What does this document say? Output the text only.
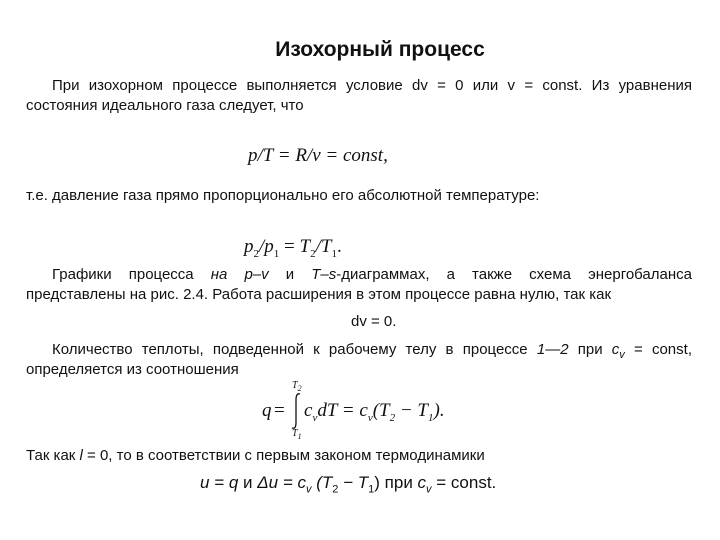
Изохорный процесс
При изохорном процессе выполняется условие dv = 0 или v = const. Из уравнения
состояния идеального газа следует, что
p/T = R/v = const,
т.е. давление газа прямо пропорционально его абсолютной температуре:
$p_2/p_1 = T_2/T_1$.
Графики процесса на p–v и T–s-диаграммах, а также схема энергобаланса
представлены на рис. 2.4. Работа расширения в этом процессе равна нулю, так как
dv = 0.
Количество теплоты, подведенной к рабочему телу в процессе 1—2 при $c_v$ = const,
определяется из соотношения
q =
$T_2$
$T_1$
$c_vdT = c_v(T_2 - T_1)$.
Так как l = 0, то в соответствии с первым законом термодинамики
u = q и $\Delta u = c_v$ $(T_2 - T_1)$ при $c_v$ = const.
